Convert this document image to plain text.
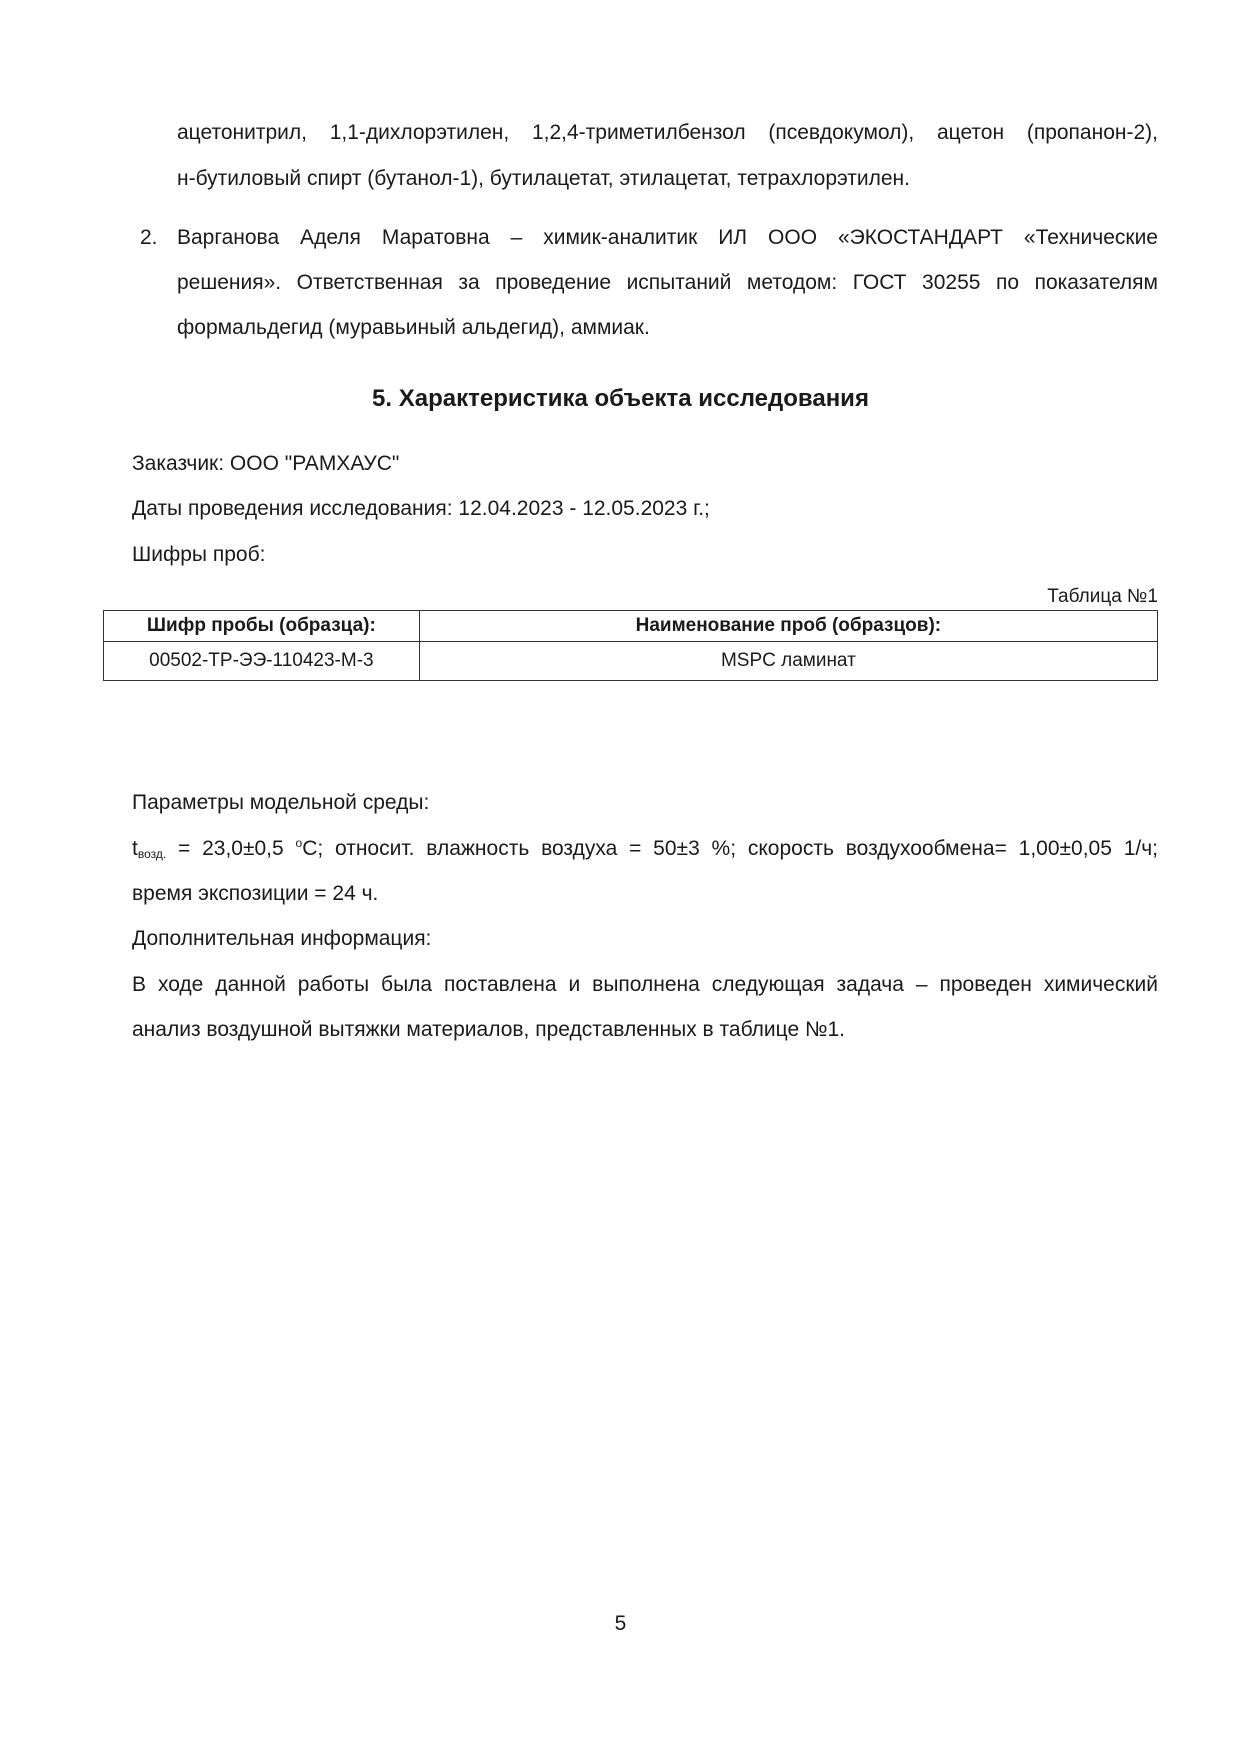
ацетонитрил, 1,1-дихлорэтилен, 1,2,4-триметилбензол (псевдокумол), ацетон (пропанон-2),
н-бутиловый спирт (бутанол-1), бутилацетат, этилацетат, тетрахлорэтилен.
2. Варганова Аделя Маратовна – химик-аналитик ИЛ ООО «ЭКОСТАНДАРТ «Технические
решения». Ответственная за проведение испытаний методом: ГОСТ 30255 по показателям
формальдегид (муравьиный альдегид), аммиак.
5. Характеристика объекта исследования
Заказчик: ООО "РАМХАУС"
Даты проведения исследования: 12.04.2023 - 12.05.2023 г.;
Шифры проб:
Таблица №1
Шифр пробы (образца):	Наименование проб (образцов):
00502-ТР-ЭЭ-110423-М-3	MSPC ламинат
Параметры модельной среды:
$t_{возд.} = 23,0\pm 0,5$ $^о$С; относит. влажность воздуха = 50±3 %; скорость воздухообмена= 1,00±0,05 1/ч;
время экспозиции = 24 ч.
Дополнительная информация:
В ходе данной работы была поставлена и выполнена следующая задача – проведен химический
анализ воздушной вытяжки материалов, представленных в таблице №1.
5
